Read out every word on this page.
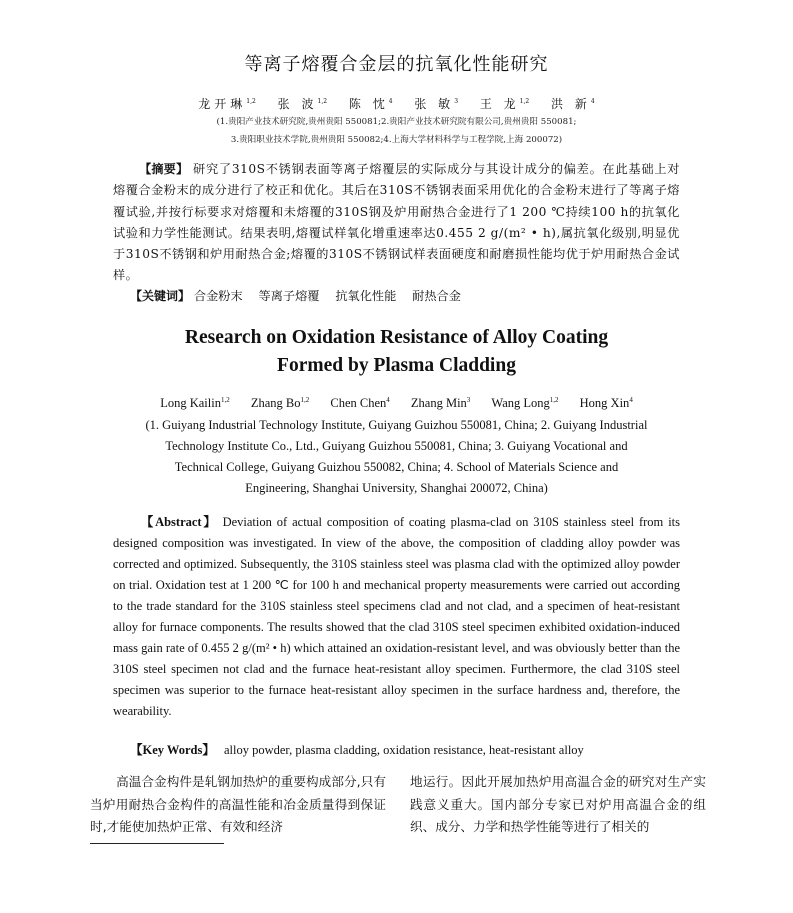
等离子熔覆合金层的抗氧化性能研究
龙开琳$^{1,2}$ 张 波$^{1,2}$ 陈 忱$^4$ 张 敏$^3$ 王 龙$^{1,2}$ 洪 新$^4$
(1.贵阳产业技术研究院,贵州贵阳 550081;2.贵阳产业技术研究院有限公司,贵州贵阳 550081;
3.贵阳职业技术学院,贵州贵阳 550082;4.上海大学材料科学与工程学院,上海 200072)
【摘要】 研究了310S不锈钢表面等离子熔覆层的实际成分与其设计成分的偏差。在此基础上对熔覆合金粉末的成分进行了校正和优化。其后在310S不锈钢表面采用优化的合金粉末进行了等离子熔覆试验,并按行标要求对熔覆和未熔覆的310S钢及炉用耐热合金进行了1 200 ℃持续100 h的抗氧化试验和力学性能测试。结果表明,熔覆试样氧化增重速率达0.455 2 g/(m² • h),属抗氧化级别,明显优于310S不锈钢和炉用耐热合金;熔覆的310S不锈钢试样表面硬度和耐磨损性能均优于炉用耐热合金试样。
【关键词】 合金粉末 等离子熔覆 抗氧化性能 耐热合金
Research on Oxidation Resistance of Alloy Coating
Formed by Plasma Cladding
Long Kailin$^{1,2}$ Zhang Bo$^{1,2}$ Chen Chen$^4$ Zhang Min$^3$ Wang Long$^{1,2}$ Hong Xin$^4$
(1. Guiyang Industrial Technology Institute, Guiyang Guizhou 550081, China; 2. Guiyang Industrial
Technology Institute Co., Ltd., Guiyang Guizhou 550081, China; 3. Guiyang Vocational and
Technical College, Guiyang Guizhou 550082, China; 4. School of Materials Science and
Engineering, Shanghai University, Shanghai 200072, China)
【Abstract】 Deviation of actual composition of coating plasma-clad on 310S stainless steel from its designed composition was investigated. In view of the above, the composition of cladding alloy powder was corrected and optimized. Subsequently, the 310S stainless steel was plasma clad with the optimized alloy powder on trial. Oxidation test at 1 200 ℃ for 100 h and mechanical property measurements were carried out according to the trade standard for the 310S stainless steel specimens clad and not clad, and a specimen of heat-resistant alloy for furnace components. The results showed that the clad 310S steel specimen exhibited oxidation-induced mass gain rate of 0.455 2 g/(m² • h) which attained an oxidation-resistant level, and was obviously better than the 310S steel specimen not clad and the furnace heat-resistant alloy specimen. Furthermore, the clad 310S steel specimen was superior to the furnace heat-resistant alloy specimen in the surface hardness and, therefore, the wearability.
【Key Words】 alloy powder, plasma cladding, oxidation resistance, heat-resistant alloy
高温合金构件是轧钢加热炉的重要构成部分,只有当炉用耐热合金构件的高温性能和冶金质量得到保证时,才能使加热炉正常、有效和经济
地运行。因此开展加热炉用高温合金的研究对生产实践意义重大。国内部分专家已对炉用高温合金的组织、成分、力学和热学性能等进行了相关的
